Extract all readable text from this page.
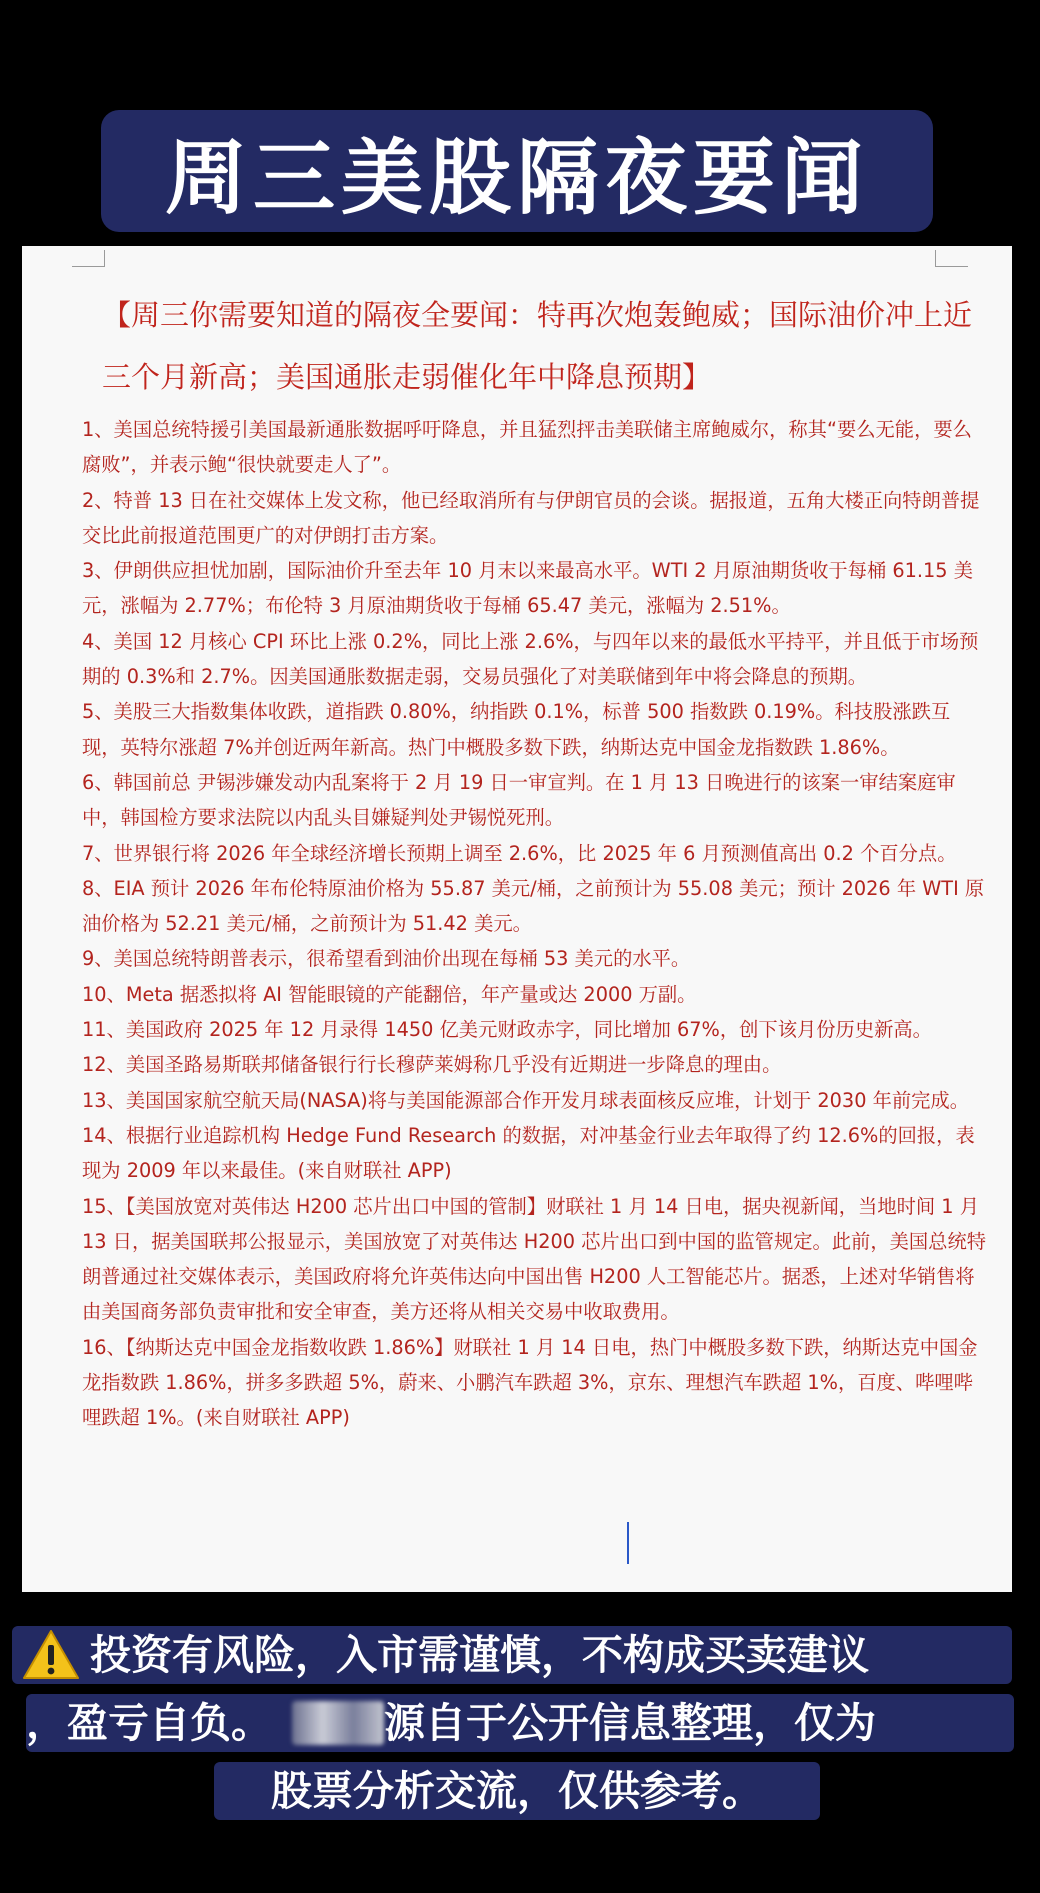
周三美股隔夜要闻
【周三你需要知道的隔夜全要闻：特再次炮轰鲍威；国际油价冲上近三个月新高；美国通胀走弱催化年中降息预期】

1、美国总统特援引美国最新通胀数据呼吁降息，并且猛烈抨击美联储主席鲍威尔，称其“要么无能，要么腐败”，并表示鲍“很快就要走人了”。

2、特普 13 日在社交媒体上发文称，他已经取消所有与伊朗官员的会谈。据报道，五角大楼正向特朗普提交比此前报道范围更广的对伊朗打击方案。

3、伊朗供应担忧加剧，国际油价升至去年 10 月末以来最高水平。WTI 2 月原油期货收于每桶 61.15 美元，涨幅为 2.77%；布伦特 3 月原油期货收于每桶 65.47 美元，涨幅为 2.51%。

4、美国 12 月核心 CPI 环比上涨 0.2%，同比上涨 2.6%，与四年以来的最低水平持平，并且低于市场预期的 0.3%和 2.7%。因美国通胀数据走弱，交易员强化了对美联储到年中将会降息的预期。

5、美股三大指数集体收跌，道指跌 0.80%，纳指跌 0.1%，标普 500 指数跌 0.19%。科技股涨跌互现，英特尔涨超 7%并创近两年新高。热门中概股多数下跌，纳斯达克中国金龙指数跌 1.86%。

6、韩国前总 尹锡涉嫌发动内乱案将于 2 月 19 日一审宣判。在 1 月 13 日晚进行的该案一审结案庭审中，韩国检方要求法院以内乱头目嫌疑判处尹锡悦死刑。

7、世界银行将 2026 年全球经济增长预期上调至 2.6%，比 2025 年 6 月预测值高出 0.2 个百分点。

8、EIA 预计 2026 年布伦特原油价格为 55.87 美元/桶，之前预计为 55.08 美元；预计 2026 年 WTI 原油价格为 52.21 美元/桶，之前预计为 51.42 美元。

9、美国总统特朗普表示，很希望看到油价出现在每桶 53 美元的水平。

10、Meta 据悉拟将 AI 智能眼镜的产能翻倍，年产量或达 2000 万副。

11、美国政府 2025 年 12 月录得 1450 亿美元财政赤字，同比增加 67%，创下该月份历史新高。

12、美国圣路易斯联邦储备银行行长穆萨莱姆称几乎没有近期进一步降息的理由。

13、美国国家航空航天局(NASA)将与美国能源部合作开发月球表面核反应堆，计划于 2030 年前完成。

14、根据行业追踪机构 Hedge Fund Research 的数据，对冲基金行业去年取得了约 12.6%的回报，表现为 2009 年以来最佳。(来自财联社 APP)

15、【美国放宽对英伟达 H200 芯片出口中国的管制】财联社 1 月 14 日电，据央视新闻，当地时间 1 月 13 日，据美国联邦公报显示，美国放宽了对英伟达 H200 芯片出口到中国的监管规定。此前，美国总统特朗普通过社交媒体表示，美国政府将允许英伟达向中国出售 H200 人工智能芯片。据悉，上述对华销售将由美国商务部负责审批和安全审查，美方还将从相关交易中收取费用。

16、【纳斯达克中国金龙指数收跌 1.86%】财联社 1 月 14 日电，热门中概股多数下跌，纳斯达克中国金龙指数跌 1.86%，拼多多跌超 5%，蔚来、小鹏汽车跌超 3%，京东、理想汽车跌超 1%，百度、哔哩哔哩跌超 1%。(来自财联社 APP)

投资有风险，入市需谨慎，不构成买卖建议
，盈亏自负。	源自于公开信息整理，仅为
股票分析交流，仅供参考。
